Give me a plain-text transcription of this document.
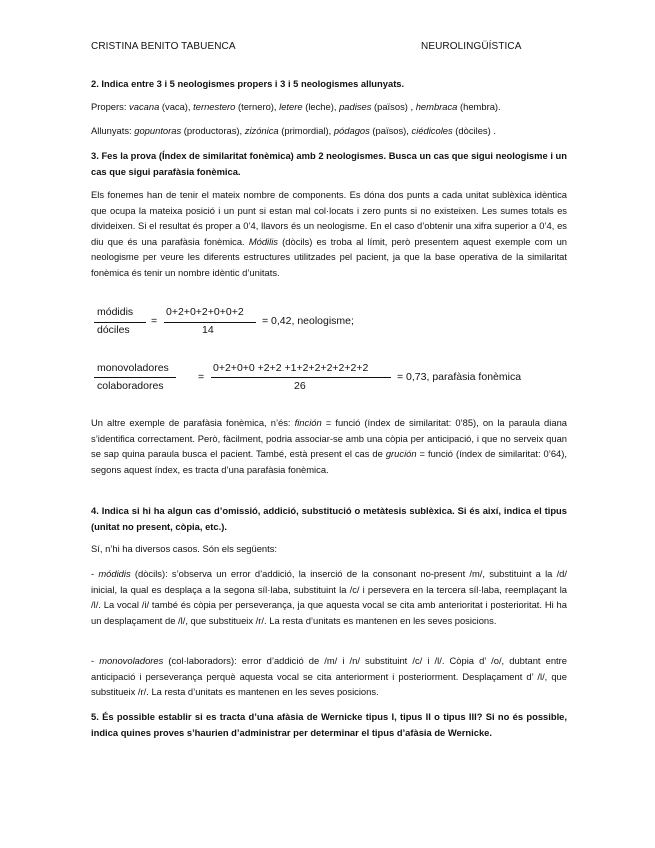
CRISTINA BENITO TABUENCA	NEUROLINGÜÍSTICA
2. Indica entre 3 i 5 neologismes propers i 3 i 5 neologismes allunyats.
Propers: vacana (vaca), ternestero (ternero), letere (leche), padises (països) , hembraca (hembra).
Allunyats: gopuntoras (productoras), zizónica (primordial), pódagos (països), ciédicoles (dòciles) .
3. Fes la prova (Índex de similaritat fonèmica) amb 2 neologismes. Busca un cas que sigui neologisme i un cas que sigui parafàsia fonèmica.
Els fonemes han de tenir el mateix nombre de components. Es dóna dos punts a cada unitat sublèxica idèntica que ocupa la mateixa posició i un punt si estan mal col·locats i zero punts si no existeixen. Les sumes totals es divideixen. Si el resultat és proper a 0’4, llavors és un neologisme. En el caso d’obtenir una xifra superior a 0’4, es diu que és una parafàsia fonèmica. Módilis (dòcils) es troba al límit, però presentem aquest exemple com un neologisme per veure les diferents estructures utilitzades pel pacient, ja que la base operativa de la similaritat fonèmica és tenir un nombre idèntic d’unitats.
módidis
dóciles
=
0+2+0+2+0+0+2
14
= 0,42, neologisme;
monovoladores
colaboradores
=
0+2+0+0 +2+2 +1+2+2+2+2+2+2
26
= 0,73, parafàsia fonèmica
Un altre exemple de parafàsia fonèmica, n’és: finción = funció (índex de similaritat: 0’85), on la paraula diana s’identifica correctament. Però, fàcilment, podria associar-se amb una còpia per anticipació, i que no serveix quan se sap quina paraula busca el pacient. També, està present el cas de grución = funció (índex de similaritat: 0’64), segons aquest índex, es tracta d’una parafàsia fonèmica.
4. Indica si hi ha algun cas d’omissió, addició, substitució o metàtesis sublèxica. Si és així, indica el tipus (unitat no present, còpia, etc.).
Sí, n’hi ha diversos casos. Són els següents:
- módidis (dòcils): s’observa un error d’addició, la inserció de la consonant no-present /m/, substituint a la /d/ inicial, la qual es desplaça a la segona síl·laba, substituint la /c/ i persevera en la tercera síl·laba, reemplaçant la /l/. La vocal /i/ també és còpia per perseverança, ja que aquesta vocal se cita amb anterioritat i posterioritat. Hi ha un desplaçament de /l/, que substitueix /r/. La resta d’unitats es mantenen en les seves posicions.
- monovoladores (col·laboradors): error d’addició de /m/ i /n/ substituint /c/ i /l/. Còpia d’ /o/, dubtant entre anticipació i perseverança perquè aquesta vocal se cita anteriorment i posteriorment. Desplaçament d’ /l/, que substitueix /r/. La resta d’unitats es mantenen en les seves posicions.
5. És possible establir si es tracta d’una afàsia de Wernicke tipus I, tipus II o tipus III? Si no és possible, indica quines proves s’haurien d’administrar per determinar el tipus d’afàsia de Wernicke.
